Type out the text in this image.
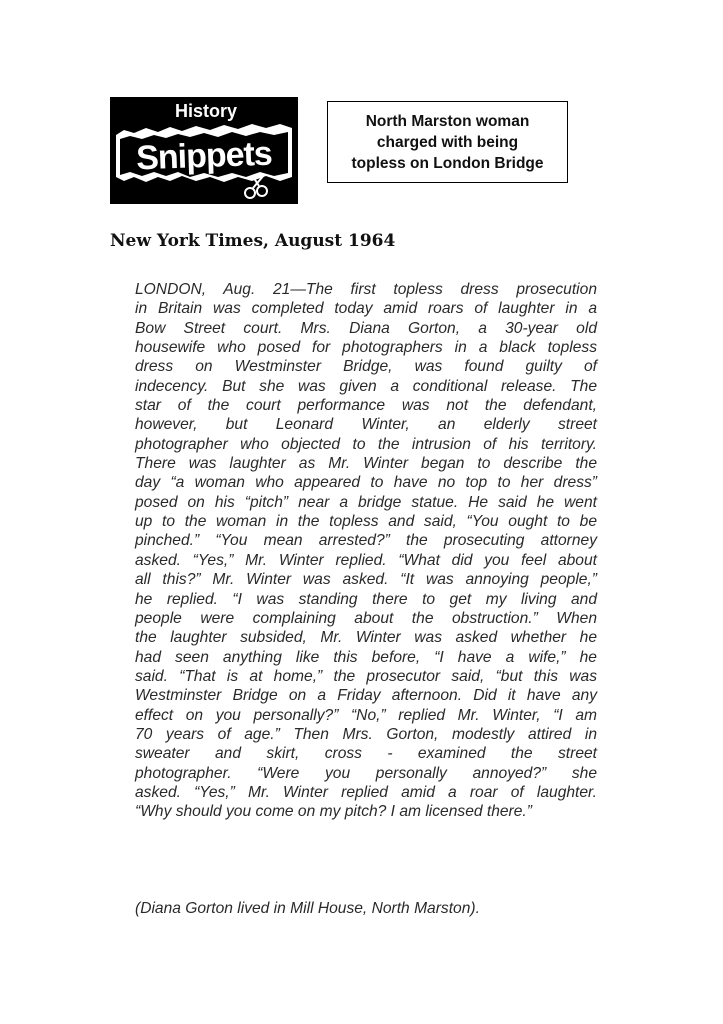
History
Snippets
North Marston woman
charged with being
topless on London Bridge
New York Times, August 1964
LONDON, Aug. 21—The first topless dress prosecution
in Britain was completed today amid roars of laughter in a
Bow Street court. Mrs. Diana Gorton, a 30-year old
housewife who posed for photographers in a black topless
dress on Westminster Bridge, was found guilty of
indecency. But she was given a conditional release. The
star of the court performance was not the defendant,
however, but Leonard Winter, an elderly street
photographer who objected to the intrusion of his territory.
There was laughter as Mr. Winter began to describe the
day “a woman who appeared to have no top to her dress”
posed on his “pitch” near a bridge statue. He said he went
up to the woman in the topless and said, “You ought to be
pinched.” “You mean arrested?” the prosecuting attorney
asked. “Yes,” Mr. Winter replied. “What did you feel about
all this?” Mr. Winter was asked. “It was annoying people,”
he replied. “I was standing there to get my living and
people were complaining about the obstruction.” When
the laughter subsided, Mr. Winter was asked whether he
had seen anything like this before, “I have a wife,” he
said. “That is at home,” the prosecutor said, “but this was
Westminster Bridge on a Friday afternoon. Did it have any
effect on you personally?” “No,” replied Mr. Winter, “I am
70 years of age.” Then Mrs. Gorton, modestly attired in
sweater and skirt, cross - examined the street
photographer. “Were you personally annoyed?” she
asked. “Yes,” Mr. Winter replied amid a roar of laughter.
“Why should you come on my pitch? I am licensed there.”
(Diana Gorton lived in Mill House, North Marston).
